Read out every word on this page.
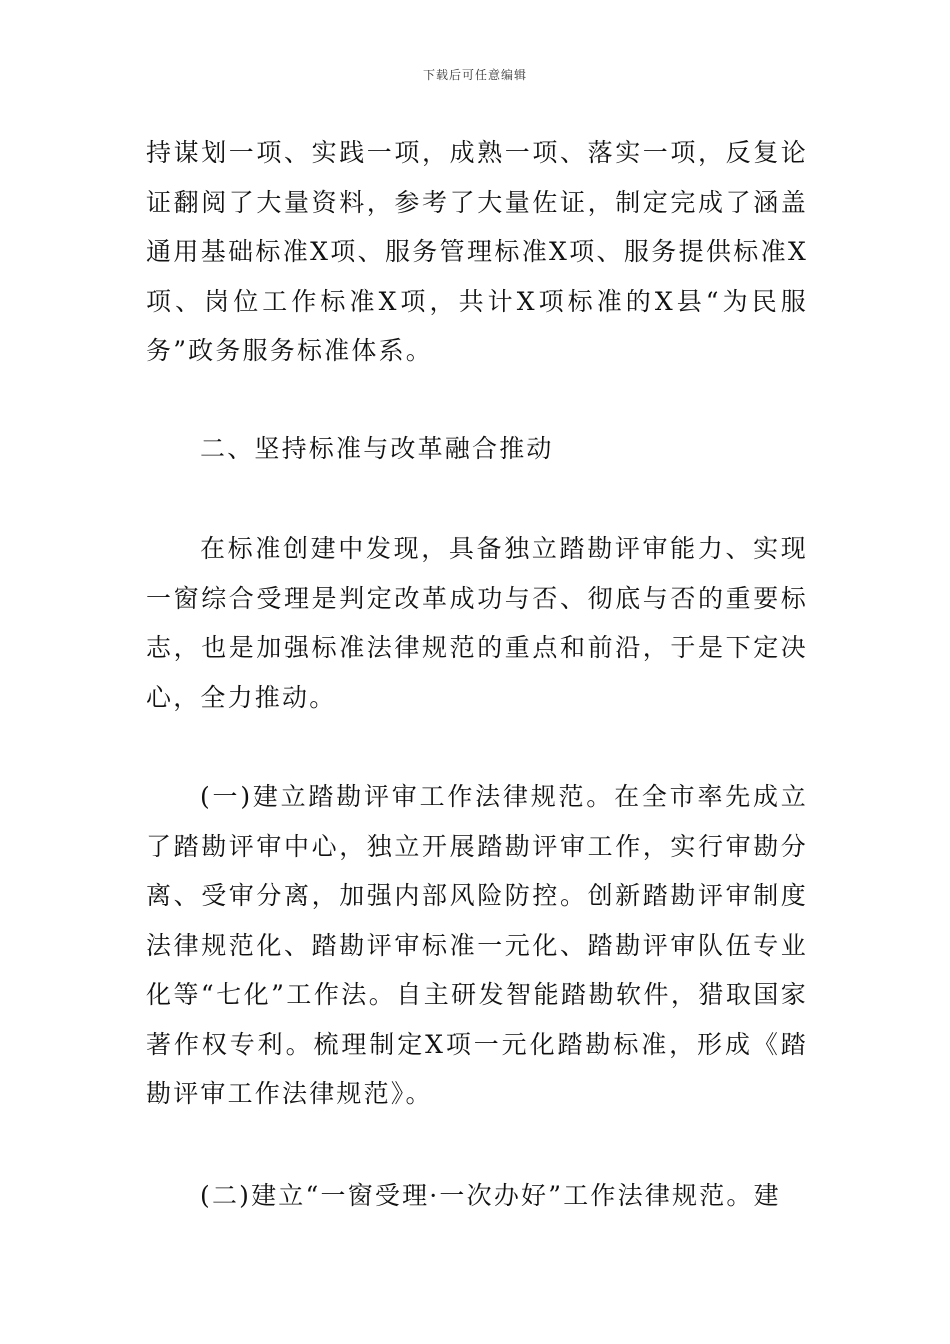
下载后可任意编辑

持谋划一项、实践一项，成熟一项、落实一项，反复论证翻阅了大量资料，参考了大量佐证，制定完成了涵盖通用基础标准X项、服务管理标准X项、服务提供标准X项、岗位工作标准X项，共计X项标准的X县“为民服务”政务服务标准体系。

二、坚持标准与改革融合推动

在标准创建中发现，具备独立踏勘评审能力、实现一窗综合受理是判定改革成功与否、彻底与否的重要标志，也是加强标准法律规范的重点和前沿，于是下定决心，全力推动。

(一)建立踏勘评审工作法律规范。在全市率先成立了踏勘评审中心，独立开展踏勘评审工作，实行审勘分离、受审分离，加强内部风险防控。创新踏勘评审制度法律规范化、踏勘评审标准一元化、踏勘评审队伍专业化等“七化”工作法。自主研发智能踏勘软件，猎取国家著作权专利。梳理制定X项一元化踏勘标准，形成《踏勘评审工作法律规范》。

(二)建立“一窗受理·一次办好”工作法律规范。建
